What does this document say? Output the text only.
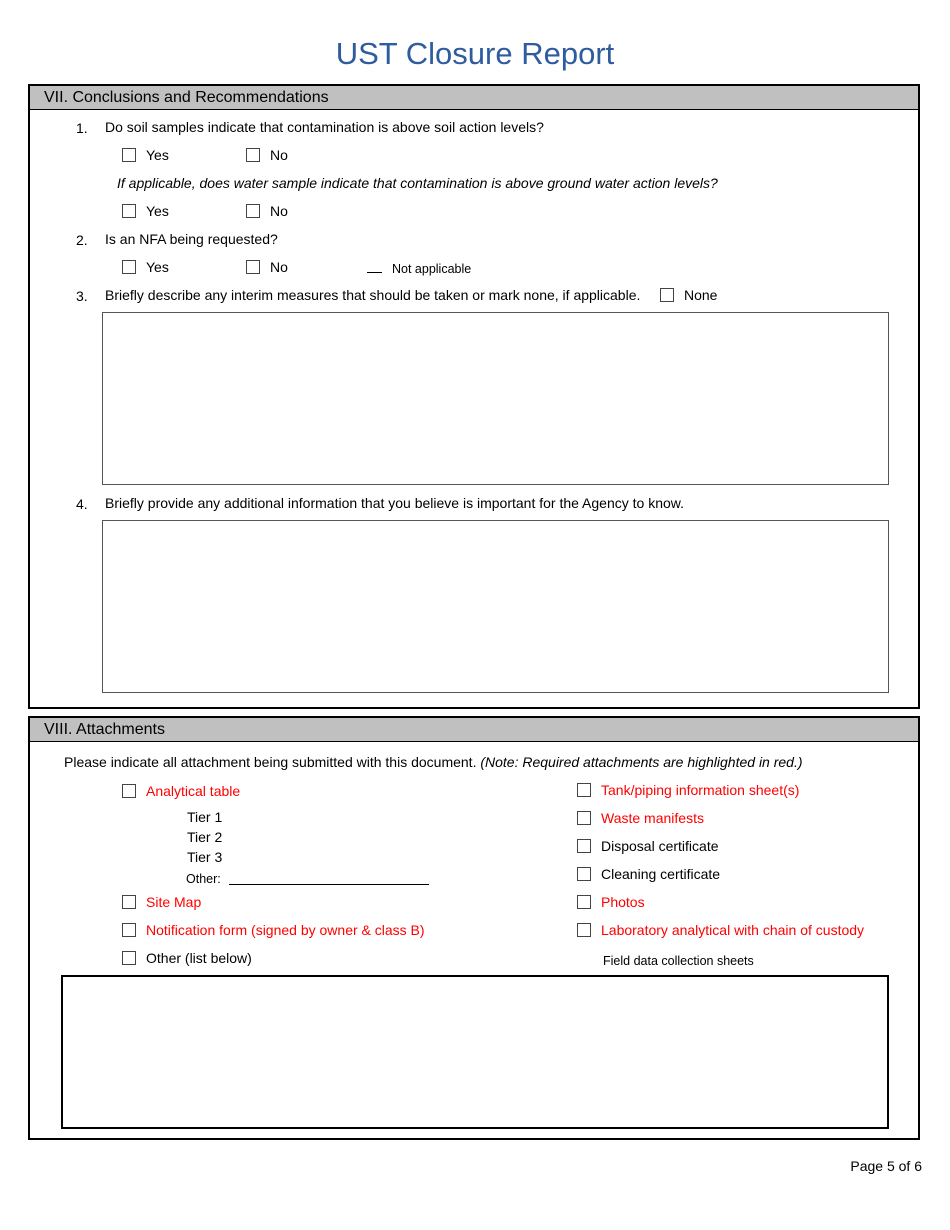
UST Closure Report
VII. Conclusions and Recommendations
1. Do soil samples indicate that contamination is above soil action levels?
Yes	No
If applicable, does water sample indicate that contamination is above ground water action levels?
Yes	No
2. Is an NFA being requested?
Yes	No	Not applicable
3. Briefly describe any interim measures that should be taken or mark none, if applicable.	None
4. Briefly provide any additional information that you believe is important for the Agency to know.
VIII. Attachments
Please indicate all attachment being submitted with this document. (Note: Required attachments are highlighted in red.)
Analytical table
Tier 1
Tier 2
Tier 3
Other:
Site Map
Notification form (signed by owner & class B)
Other (list below)
Tank/piping information sheet(s)
Waste manifests
Disposal certificate
Cleaning certificate
Photos
Laboratory analytical with chain of custody
Field data collection sheets
Page 5 of 6
